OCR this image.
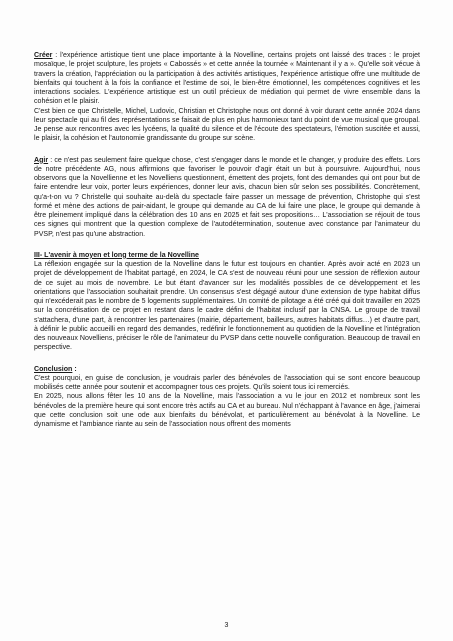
Créer : l'expérience artistique tient une place importante à la Novelline, certains projets ont laissé des traces : le projet mosaïque, le projet sculpture, les projets « Cabossés » et cette année la tournée « Maintenant il y a ». Qu'elle soit vécue à travers la création, l'appréciation ou la participation à des activités artistiques, l'expérience artistique offre une multitude de bienfaits qui touchent à la fois la confiance et l'estime de soi, le bien-être émotionnel, les compétences cognitives et les interactions sociales. L'expérience artistique est un outil précieux de médiation qui permet de vivre ensemble dans la cohésion et le plaisir.

C'est bien ce que Christelle, Michel, Ludovic, Christian et Christophe nous ont donné à voir durant cette année 2024 dans leur spectacle qui au fil des représentations se faisait de plus en plus harmonieux tant du point de vue musical que groupal. Je pense aux rencontres avec les lycéens, la qualité du silence et de l'écoute des spectateurs, l'émotion suscitée et aussi, le plaisir, la cohésion et l'autonomie grandissante du groupe sur scène.

Agir : ce n'est pas seulement faire quelque chose, c'est s'engager dans le monde et le changer, y produire des effets. Lors de notre précédente AG, nous affirmions que favoriser le pouvoir d'agir était un but à poursuivre. Aujourd'hui, nous observons que la Novellienne et les Novelliens questionnent, émettent des projets, font des demandes qui ont pour but de faire entendre leur voix, porter leurs expériences, donner leur avis, chacun bien sûr selon ses possibilités. Concrètement, qu'a-t-on vu ? Christelle qui souhaite au-delà du spectacle faire passer un message de prévention, Christophe qui s'est formé et mène des actions de pair-aidant, le groupe qui demande au CA de lui faire une place, le groupe qui demande à être pleinement impliqué dans la célébration des 10 ans en 2025 et fait ses propositions… L'association se réjouit de tous ces signes qui montrent que la question complexe de l'autodétermination, soutenue avec constance par l'animateur du PVSP, n'est pas qu'une abstraction.

III- L'avenir à moyen et long terme de la Novelline

La réflexion engagée sur la question de la Novelline dans le futur est toujours en chantier. Après avoir acté en 2023 un projet de développement de l'habitat partagé, en 2024, le CA s'est de nouveau réuni pour une session de réflexion autour de ce sujet au mois de novembre. Le but étant d'avancer sur les modalités possibles de ce développement et les orientations que l'association souhaitait prendre. Un consensus s'est dégagé autour d'une extension de type habitat diffus qui n'excéderait pas le nombre de 5 logements supplémentaires. Un comité de pilotage a été créé qui doit travailler en 2025 sur la concrétisation de ce projet en restant dans le cadre défini de l'habitat inclusif par la CNSA. Le groupe de travail s'attachera, d'une part, à rencontrer les partenaires (mairie, département, bailleurs, autres habitats diffus…) et d'autre part, à définir le public accueilli en regard des demandes, redéfinir le fonctionnement au quotidien de la Novelline et l'intégration des nouveaux Novelliens, préciser le rôle de l'animateur du PVSP dans cette nouvelle configuration. Beaucoup de travail en perspective.

Conclusion :

C'est pourquoi, en guise de conclusion, je voudrais parler des bénévoles de l'association qui se sont encore beaucoup mobilisés cette année pour soutenir et accompagner tous ces projets. Qu'ils soient tous ici remerciés.

En 2025, nous allons fêter les 10 ans de la Novelline, mais l'association a vu le jour en 2012 et nombreux sont les bénévoles de la première heure qui sont encore très actifs au CA et au bureau. Nul n'échappant à l'avance en âge, j'aimerai que cette conclusion soit une ode aux bienfaits du bénévolat, et particulièrement au bénévolat à la Novelline. Le dynamisme et l'ambiance riante au sein de l'association nous offrent des moments

3
